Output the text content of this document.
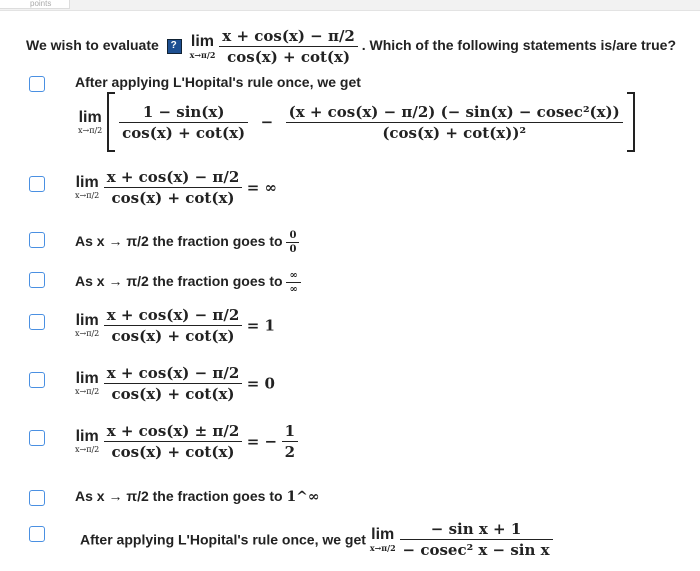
points
We wish to evaluate ? lim
x→π/2
$\frac{x + \cos(x) - \pi/2}{\cos(x) + \cot(x)}$ . Which of the following statements is/are true?
After applying L'Hopital's rule once, we get
lim
x→π/2
$\frac{1 - \sin(x)}{\cos(x) + \cot(x)} - \frac{\text{(x + cos(x) − π/2) (− sin(x) − cosec²(x))}}{\text{(cos(x) + cot(x))²}}$

lim
x→π/2
$\frac{x + \cos(x) - \pi/2}{\cos(x) + \cot(x)}$ = ∞
As x → π/2 the fraction goes to $\frac{0}{0}$
As x → π/2 the fraction goes to $\frac{\infty}{\infty}$
lim
x→π/2
$\frac{x + \cos(x) - \pi/2}{\cos(x) + \cot(x)} = 1$
lim
x→π/2
$\frac{x + \cos(x) - \pi/2}{\cos(x) + \cot(x)} = 0$
lim
x→π/2
$\frac{x + \cos(x) \pm \pi/2}{\cos(x) + \cot(x)}$ = − $\frac{1}{2}$
As x → π/2 the fraction goes to 1^∞
After applying L'Hopital's rule once, we get lim
x→π/2
$\frac{\text{− sin x + 1}}{\text{− cosec² x − sin x}}$
